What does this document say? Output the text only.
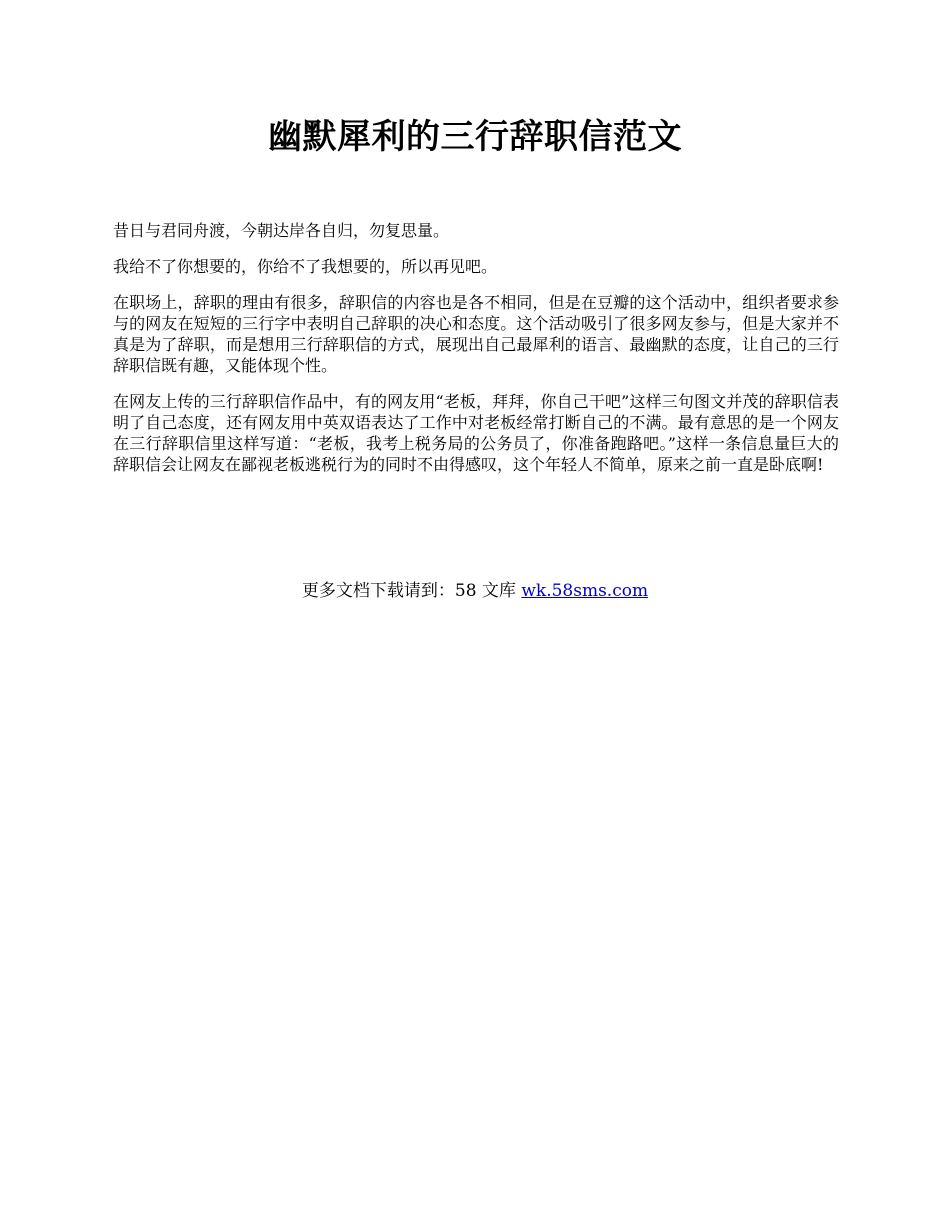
幽默犀利的三行辞职信范文

昔日与君同舟渡，今朝达岸各自归，勿复思量。

我给不了你想要的，你给不了我想要的，所以再见吧。

在职场上，辞职的理由有很多，辞职信的内容也是各不相同，但是在豆瓣的这个活动中，组织者要求参与的网友在短短的三行字中表明自己辞职的决心和态度。这个活动吸引了很多网友参与，但是大家并不真是为了辞职，而是想用三行辞职信的方式，展现出自己最犀利的语言、最幽默的态度，让自己的三行辞职信既有趣，又能体现个性。

在网友上传的三行辞职信作品中，有的网友用“老板，拜拜，你自己干吧”这样三句图文并茂的辞职信表明了自己态度，还有网友用中英双语表达了工作中对老板经常打断自己的不满。最有意思的是一个网友在三行辞职信里这样写道：“老板，我考上税务局的公务员了，你准备跑路吧。”这样一条信息量巨大的辞职信会让网友在鄙视老板逃税行为的同时不由得感叹，这个年轻人不简单，原来之前一直是卧底啊!

更多文档下载请到：58 文库 wk.58sms.com
